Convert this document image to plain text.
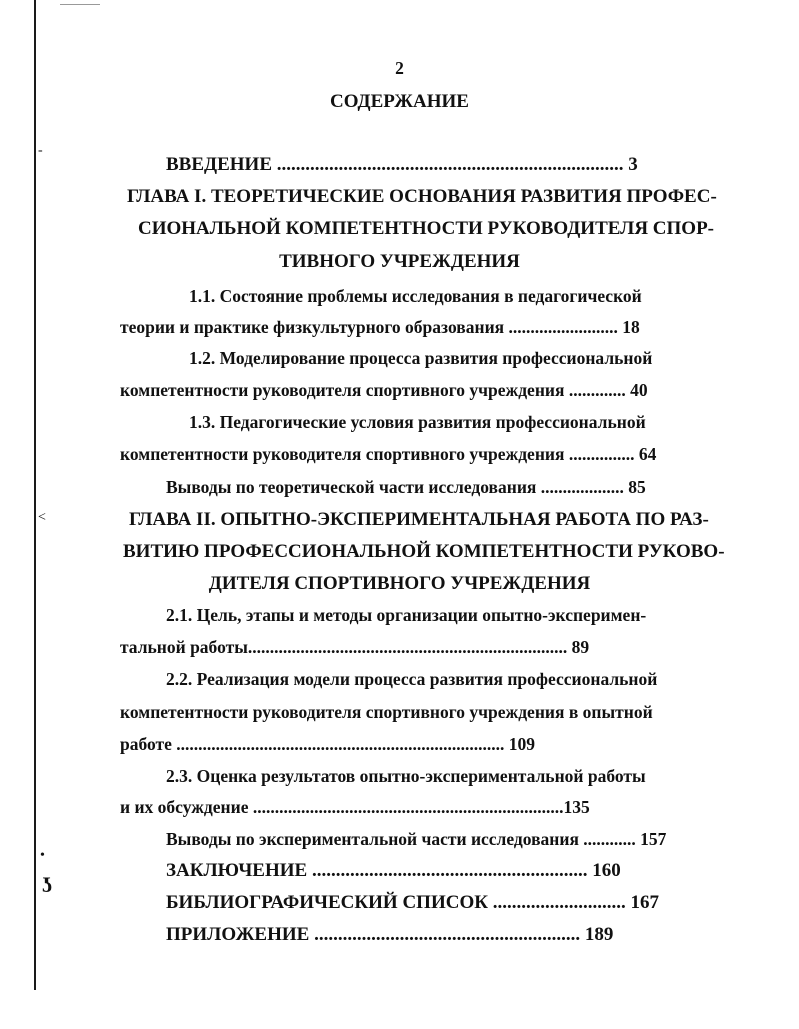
-
<
•
ʖ
2
СОДЕРЖАНИЕ
ВВЕДЕНИЕ ......................................................................... 3
ГЛАВА I. ТЕОРЕТИЧЕСКИЕ ОСНОВАНИЯ РАЗВИТИЯ ПРОФЕС-
СИОНАЛЬНОЙ КОМПЕТЕНТНОСТИ РУКОВОДИТЕЛЯ СПОР-
ТИВНОГО УЧРЕЖДЕНИЯ
1.1. Состояние проблемы исследования в педагогической
теории и практике физкультурного образования ......................... 18
1.2. Моделирование процесса развития профессиональной
компетентности руководителя спортивного учреждения ............. 40
1.3. Педагогические условия развития профессиональной
компетентности руководителя спортивного учреждения ............... 64
Выводы по теоретической части исследования ................... 85
ГЛАВА II. ОПЫТНО-ЭКСПЕРИМЕНТАЛЬНАЯ РАБОТА ПО РАЗ-
ВИТИЮ ПРОФЕССИОНАЛЬНОЙ КОМПЕТЕНТНОСТИ РУКОВО-
ДИТЕЛЯ СПОРТИВНОГО УЧРЕЖДЕНИЯ
2.1. Цель, этапы и методы организации опытно-эксперимен-
тальной работы......................................................................... 89
2.2. Реализация модели процесса развития профессиональной
компетентности руководителя спортивного учреждения в опытной
работе ........................................................................... 109
2.3. Оценка результатов опытно-экспериментальной работы
и их обсуждение .......................................................................135
Выводы по экспериментальной части исследования ............ 157
ЗАКЛЮЧЕНИЕ .......................................................... 160
БИБЛИОГРАФИЧЕСКИЙ СПИСОК ............................ 167
ПРИЛОЖЕНИЕ ........................................................ 189
